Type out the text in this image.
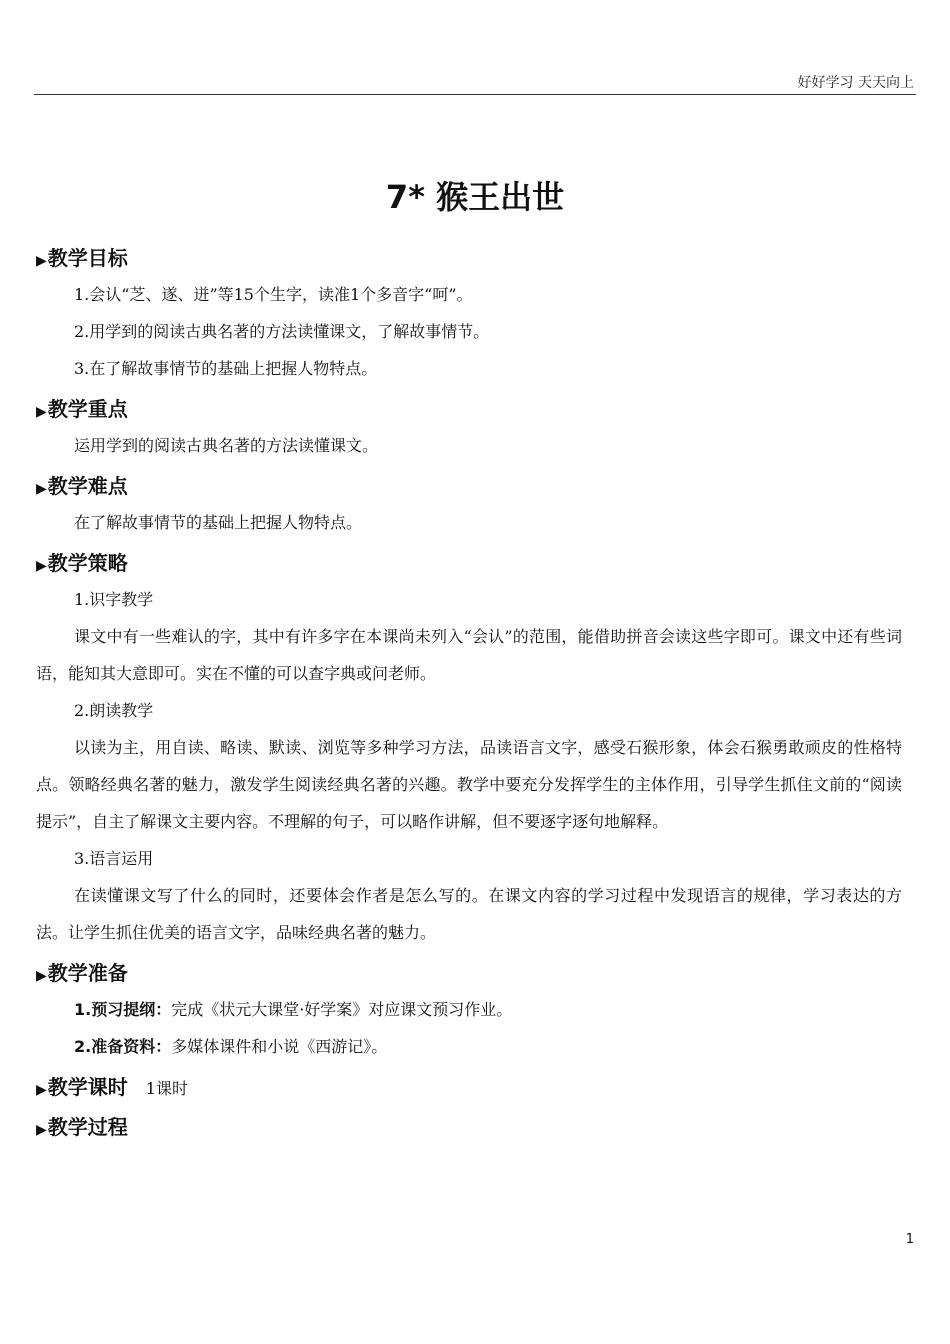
好好学习 天天向上
7* 猴王出世
▶教学目标

1.会认“芝、遂、迸”等15个生字，读准1个多音字“呵”。

2.用学到的阅读古典名著的方法读懂课文，了解故事情节。

3.在了解故事情节的基础上把握人物特点。

▶教学重点

运用学到的阅读古典名著的方法读懂课文。

▶教学难点

在了解故事情节的基础上把握人物特点。

▶教学策略

1.识字教学

课文中有一些难认的字，其中有许多字在本课尚未列入“会认”的范围，能借助拼音会读这些字即可。课文中还有些词语，能知其大意即可。实在不懂的可以查字典或问老师。

2.朗读教学

以读为主，用自读、略读、默读、浏览等多种学习方法，品读语言文字，感受石猴形象，体会石猴勇敢顽皮的性格特点。领略经典名著的魅力，激发学生阅读经典名著的兴趣。教学中要充分发挥学生的主体作用，引导学生抓住文前的“阅读提示”，自主了解课文主要内容。不理解的句子，可以略作讲解，但不要逐字逐句地解释。

3.语言运用

在读懂课文写了什么的同时，还要体会作者是怎么写的。在课文内容的学习过程中发现语言的规律，学习表达的方法。让学生抓住优美的语言文字，品味经典名著的魅力。

▶教学准备

1.预习提纲：完成《状元大课堂·好学案》对应课文预习作业。

2.准备资料：多媒体课件和小说《西游记》。

▶教学课时 1课时
▶教学过程
1
